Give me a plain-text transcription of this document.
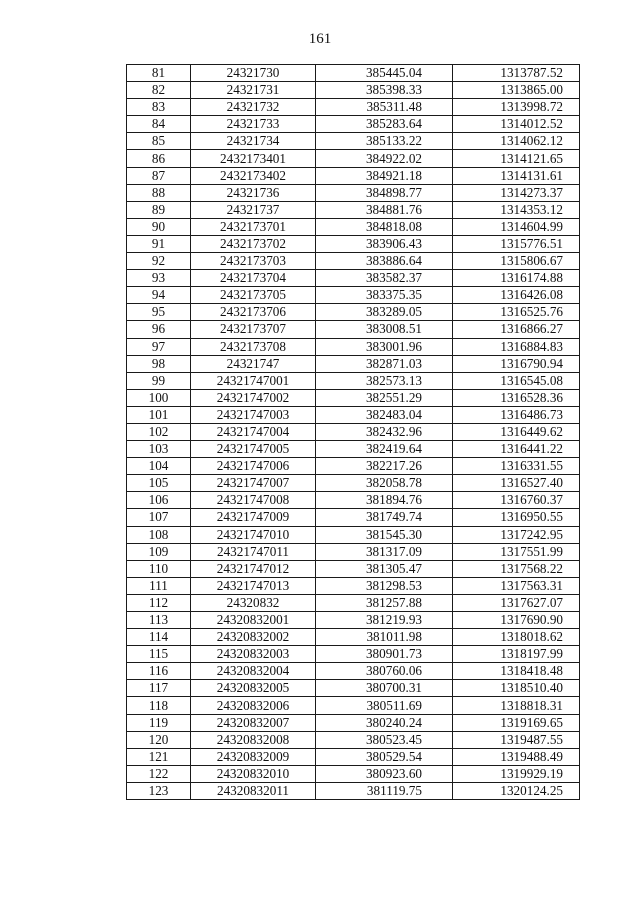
161
81	24321730	385445.04	1313787.52
82	24321731	385398.33	1313865.00
83	24321732	385311.48	1313998.72
84	24321733	385283.64	1314012.52
85	24321734	385133.22	1314062.12
86	2432173401	384922.02	1314121.65
87	2432173402	384921.18	1314131.61
88	24321736	384898.77	1314273.37
89	24321737	384881.76	1314353.12
90	2432173701	384818.08	1314604.99
91	2432173702	383906.43	1315776.51
92	2432173703	383886.64	1315806.67
93	2432173704	383582.37	1316174.88
94	2432173705	383375.35	1316426.08
95	2432173706	383289.05	1316525.76
96	2432173707	383008.51	1316866.27
97	2432173708	383001.96	1316884.83
98	24321747	382871.03	1316790.94
99	24321747001	382573.13	1316545.08
100	24321747002	382551.29	1316528.36
101	24321747003	382483.04	1316486.73
102	24321747004	382432.96	1316449.62
103	24321747005	382419.64	1316441.22
104	24321747006	382217.26	1316331.55
105	24321747007	382058.78	1316527.40
106	24321747008	381894.76	1316760.37
107	24321747009	381749.74	1316950.55
108	24321747010	381545.30	1317242.95
109	24321747011	381317.09	1317551.99
110	24321747012	381305.47	1317568.22
111	24321747013	381298.53	1317563.31
112	24320832	381257.88	1317627.07
113	24320832001	381219.93	1317690.90
114	24320832002	381011.98	1318018.62
115	24320832003	380901.73	1318197.99
116	24320832004	380760.06	1318418.48
117	24320832005	380700.31	1318510.40
118	24320832006	380511.69	1318818.31
119	24320832007	380240.24	1319169.65
120	24320832008	380523.45	1319487.55
121	24320832009	380529.54	1319488.49
122	24320832010	380923.60	1319929.19
123	24320832011	381119.75	1320124.25
